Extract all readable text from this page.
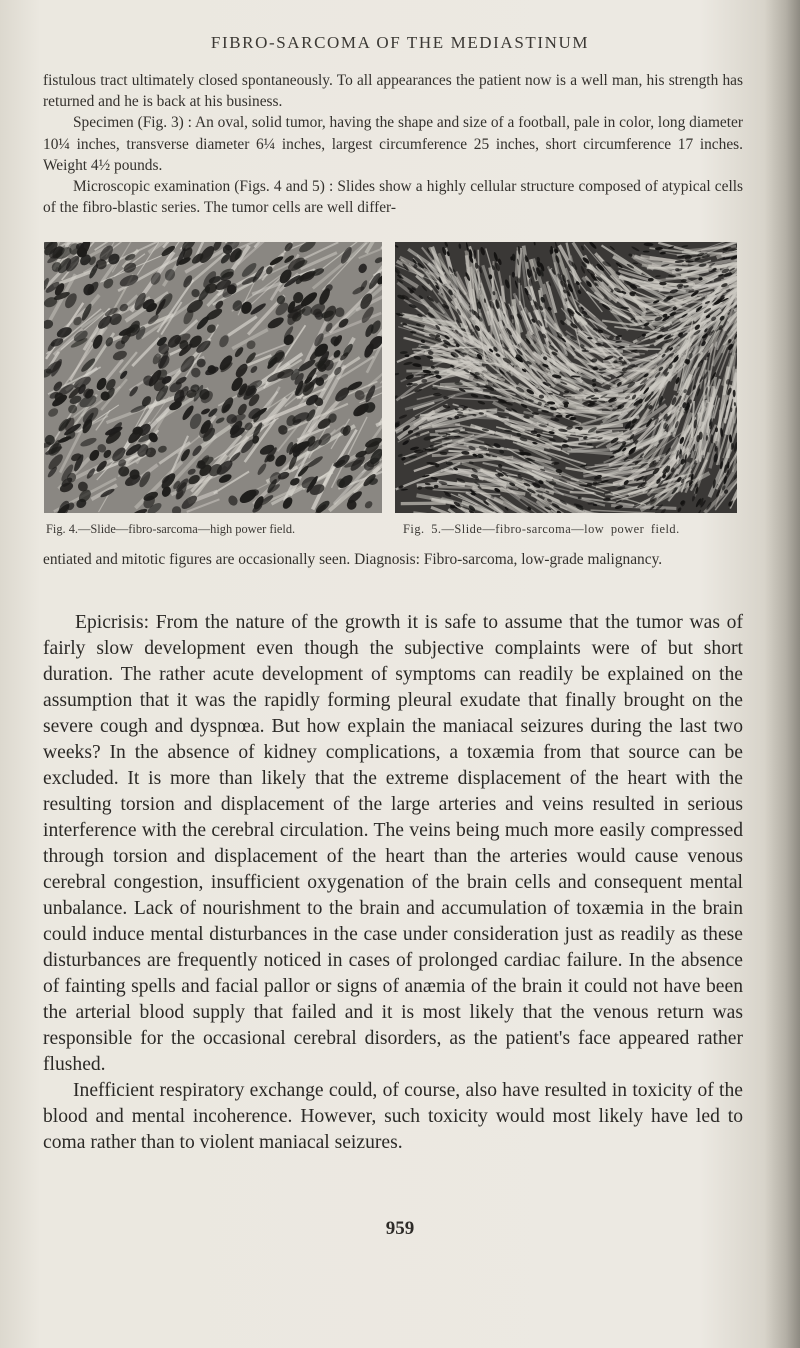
FIBRO-SARCOMA OF THE MEDIASTINUM

fistulous tract ultimately closed spontaneously. To all appearances the patient now is a well man, his strength has returned and he is back at his business.

Specimen (Fig. 3) : An oval, solid tumor, having the shape and size of a football, pale in color, long diameter 10¼ inches, transverse diameter 6¼ inches, largest circumference 25 inches, short circumference 17 inches. Weight 4½ pounds.

Microscopic examination (Figs. 4 and 5) : Slides show a highly cellular structure composed of atypical cells of the fibro-blastic series. The tumor cells are well differ-

Fig. 4.—Slide—fibro-sarcoma—high power field.	Fig. 5.—Slide—fibro-sarcoma—low power field.

entiated and mitotic figures are occasionally seen. Diagnosis: Fibro-sarcoma, low-grade malignancy.

Epicrisis: From the nature of the growth it is safe to assume that the tumor was of fairly slow development even though the subjective complaints were of but short duration. The rather acute development of symptoms can readily be explained on the assumption that it was the rapidly forming pleural exudate that finally brought on the severe cough and dyspnœa. But how explain the maniacal seizures during the last two weeks? In the absence of kidney complications, a toxæmia from that source can be excluded. It is more than likely that the extreme displacement of the heart with the resulting torsion and displacement of the large arteries and veins resulted in serious interference with the cerebral circulation. The veins being much more easily compressed through torsion and displacement of the heart than the arteries would cause venous cerebral congestion, insufficient oxygenation of the brain cells and consequent mental unbalance. Lack of nourishment to the brain and accumulation of toxæmia in the brain could induce mental disturbances in the case under consideration just as readily as these disturbances are frequently noticed in cases of prolonged cardiac failure. In the absence of fainting spells and facial pallor or signs of anæmia of the brain it could not have been the arterial blood supply that failed and it is most likely that the venous return was responsible for the occasional cerebral disorders, as the patient's face appeared rather flushed.

Inefficient respiratory exchange could, of course, also have resulted in toxicity of the blood and mental incoherence. However, such toxicity would most likely have led to coma rather than to violent maniacal seizures.

959
